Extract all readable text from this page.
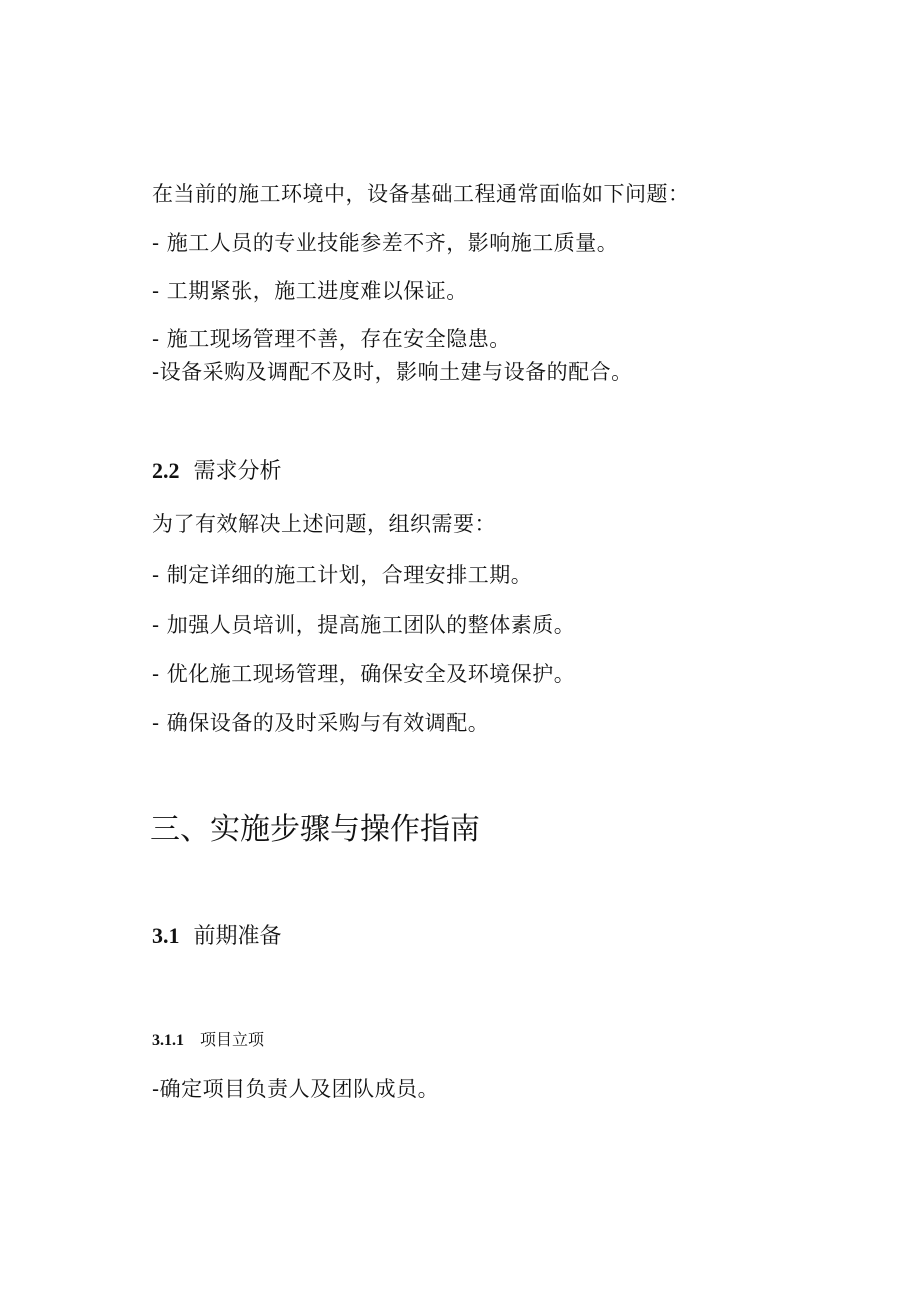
在当前的施工环境中，设备基础工程通常面临如下问题：
- 施工人员的专业技能参差不齐，影响施工质量。
- 工期紧张，施工进度难以保证。
- 施工现场管理不善，存在安全隐患。
-设备采购及调配不及时，影响土建与设备的配合。
2.2 需求分析
为了有效解决上述问题，组织需要：
- 制定详细的施工计划，合理安排工期。
- 加强人员培训，提高施工团队的整体素质。
- 优化施工现场管理，确保安全及环境保护。
- 确保设备的及时采购与有效调配。
三、实施步骤与操作指南
3.1 前期准备
3.1.1 项目立项
-确定项目负责人及团队成员。
